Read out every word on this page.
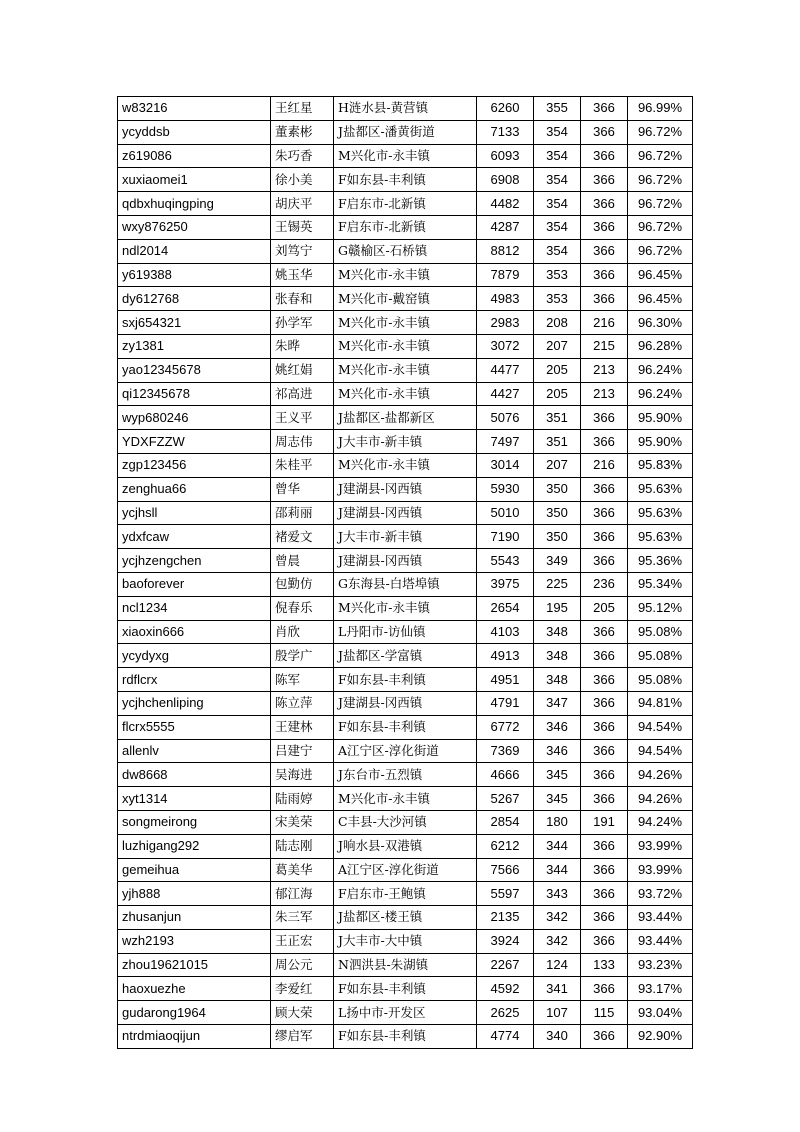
w83216	王红星	H涟水县-黄营镇	6260	355	366	96.99%
ycyddsb	董素彬	J盐都区-潘黄街道	7133	354	366	96.72%
z619086	朱巧香	M兴化市-永丰镇	6093	354	366	96.72%
xuxiaomei1	徐小美	F如东县-丰利镇	6908	354	366	96.72%
qdbxhuqingping	胡庆平	F启东市-北新镇	4482	354	366	96.72%
wxy876250	王锡英	F启东市-北新镇	4287	354	366	96.72%
ndl2014	刘笃宁	G赣榆区-石桥镇	8812	354	366	96.72%
y619388	姚玉华	M兴化市-永丰镇	7879	353	366	96.45%
dy612768	张春和	M兴化市-戴窑镇	4983	353	366	96.45%
sxj654321	孙学军	M兴化市-永丰镇	2983	208	216	96.30%
zy1381	朱晔	M兴化市-永丰镇	3072	207	215	96.28%
yao12345678	姚红娟	M兴化市-永丰镇	4477	205	213	96.24%
qi12345678	祁高进	M兴化市-永丰镇	4427	205	213	96.24%
wyp680246	王义平	J盐都区-盐都新区	5076	351	366	95.90%
YDXFZZW	周志伟	J大丰市-新丰镇	7497	351	366	95.90%
zgp123456	朱桂平	M兴化市-永丰镇	3014	207	216	95.83%
zenghua66	曾华	J建湖县-冈西镇	5930	350	366	95.63%
ycjhsll	邵莉丽	J建湖县-冈西镇	5010	350	366	95.63%
ydxfcaw	褚爱文	J大丰市-新丰镇	7190	350	366	95.63%
ycjhzengchen	曾晨	J建湖县-冈西镇	5543	349	366	95.36%
baoforever	包勤仿	G东海县-白塔埠镇	3975	225	236	95.34%
ncl1234	倪春乐	M兴化市-永丰镇	2654	195	205	95.12%
xiaoxin666	肖欣	L丹阳市-访仙镇	4103	348	366	95.08%
ycydyxg	殷学广	J盐都区-学富镇	4913	348	366	95.08%
rdflcrx	陈军	F如东县-丰利镇	4951	348	366	95.08%
ycjhchenliping	陈立萍	J建湖县-冈西镇	4791	347	366	94.81%
flcrx5555	王建林	F如东县-丰利镇	6772	346	366	94.54%
allenlv	吕建宁	A江宁区-淳化街道	7369	346	366	94.54%
dw8668	吴海进	J东台市-五烈镇	4666	345	366	94.26%
xyt1314	陆雨婷	M兴化市-永丰镇	5267	345	366	94.26%
songmeirong	宋美荣	C丰县-大沙河镇	2854	180	191	94.24%
luzhigang292	陆志刚	J响水县-双港镇	6212	344	366	93.99%
gemeihua	葛美华	A江宁区-淳化街道	7566	344	366	93.99%
yjh888	郁江海	F启东市-王鲍镇	5597	343	366	93.72%
zhusanjun	朱三军	J盐都区-楼王镇	2135	342	366	93.44%
wzh2193	王正宏	J大丰市-大中镇	3924	342	366	93.44%
zhou19621015	周公元	N泗洪县-朱湖镇	2267	124	133	93.23%
haoxuezhe	李爱红	F如东县-丰利镇	4592	341	366	93.17%
gudarong1964	顾大荣	L扬中市-开发区	2625	107	115	93.04%
ntrdmiaoqijun	缪启军	F如东县-丰利镇	4774	340	366	92.90%
